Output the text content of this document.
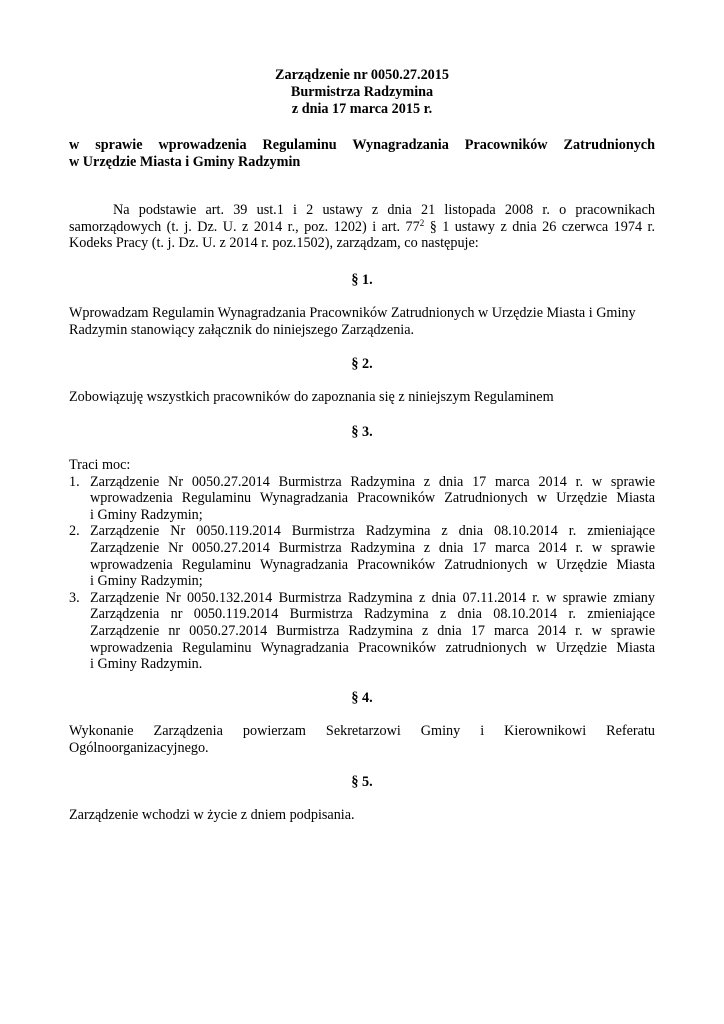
Zarządzenie nr 0050.27.2015
Burmistrza Radzymina
z dnia 17 marca 2015 r.
w sprawie wprowadzenia Regulaminu Wynagradzania Pracowników Zatrudnionych
w Urzędzie Miasta i Gminy Radzymin
Na podstawie art. 39 ust.1 i 2 ustawy z dnia 21 listopada 2008 r. o pracownikach
samorządowych (t. j. Dz. U. z 2014 r., poz. 1202) i art. $77^2$ § 1 ustawy z dnia 26 czerwca 1974 r.
Kodeks Pracy (t. j. Dz. U. z 2014 r. poz.1502), zarządzam, co następuje:
§ 1.
Wprowadzam Regulamin Wynagradzania Pracowników Zatrudnionych w Urzędzie Miasta i Gminy
Radzymin stanowiący załącznik do niniejszego Zarządzenia.
§ 2.
Zobowiązuję wszystkich pracowników do zapoznania się z niniejszym Regulaminem
§ 3.
Traci moc:
1. Zarządzenie Nr 0050.27.2014 Burmistrza Radzymina z dnia 17 marca 2014 r. w sprawie
wprowadzenia Regulaminu Wynagradzania Pracowników Zatrudnionych w Urzędzie Miasta
i Gminy Radzymin;
2. Zarządzenie Nr 0050.119.2014 Burmistrza Radzymina z dnia 08.10.2014 r. zmieniające
Zarządzenie Nr 0050.27.2014 Burmistrza Radzymina z dnia 17 marca 2014 r. w sprawie
wprowadzenia Regulaminu Wynagradzania Pracowników Zatrudnionych w Urzędzie Miasta
i Gminy Radzymin;
3. Zarządzenie Nr 0050.132.2014 Burmistrza Radzymina z dnia 07.11.2014 r. w sprawie zmiany
Zarządzenia nr 0050.119.2014 Burmistrza Radzymina z dnia 08.10.2014 r. zmieniające
Zarządzenie nr 0050.27.2014 Burmistrza Radzymina z dnia 17 marca 2014 r. w sprawie
wprowadzenia Regulaminu Wynagradzania Pracowników zatrudnionych w Urzędzie Miasta
i Gminy Radzymin.
§ 4.
Wykonanie Zarządzenia powierzam Sekretarzowi Gminy i Kierownikowi Referatu
Ogólnoorganizacyjnego.
§ 5.
Zarządzenie wchodzi w życie z dniem podpisania.
